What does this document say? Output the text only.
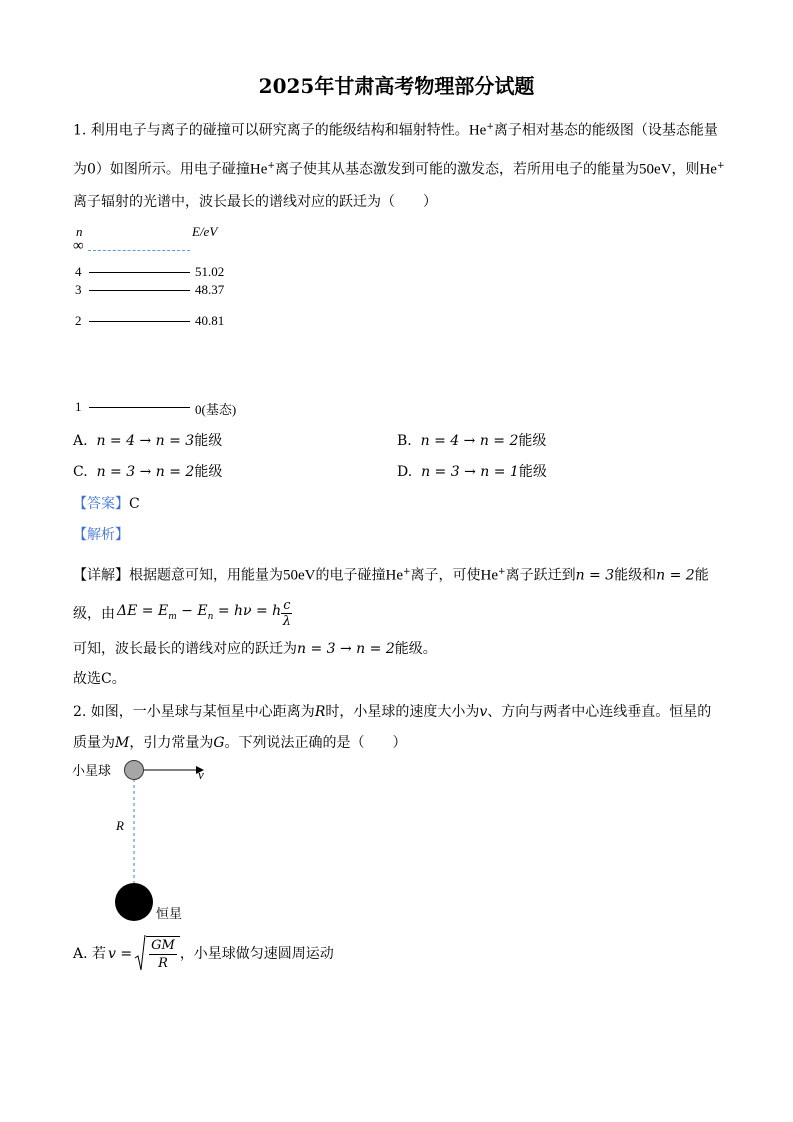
2025年甘肃高考物理部分试题
1. 利用电子与离子的碰撞可以研究离子的能级结构和辐射特性。He+离子相对基态的能级图（设基态能量
为0）如图所示。用电子碰撞He+离子使其从基态激发到可能的激发态，若所用电子的能量为50eV，则He+
离子辐射的光谱中，波长最长的谱线对应的跃迁为（　　）
n	E/eV
∞
4	51.02
3	48.37
2	40.81
1	0(基态)
A. n = 4 → n = 3能级	B. n = 4 → n = 2能级
C. n = 3 → n = 2能级	D. n = 3 → n = 1能级
【答案】C
【解析】
【详解】根据题意可知，用能量为50eV的电子碰撞He+离子，可使He+离子跃迁到n = 3能级和n = 2能
级，由 $\Delta E = E_m - E_n = h\nu = h \frac{c}{\lambda}$
可知，波长最长的谱线对应的跃迁为n = 3 → n = 2能级。
故选C。
2. 如图，一小星球与某恒星中心距离为R时，小星球的速度大小为v、方向与两者中心连线垂直。恒星的
质量为M，引力常量为G。下列说法正确的是（　　）
小星球	v
R
恒星
A. 若 v =
GM
R
，小星球做匀速圆周运动
